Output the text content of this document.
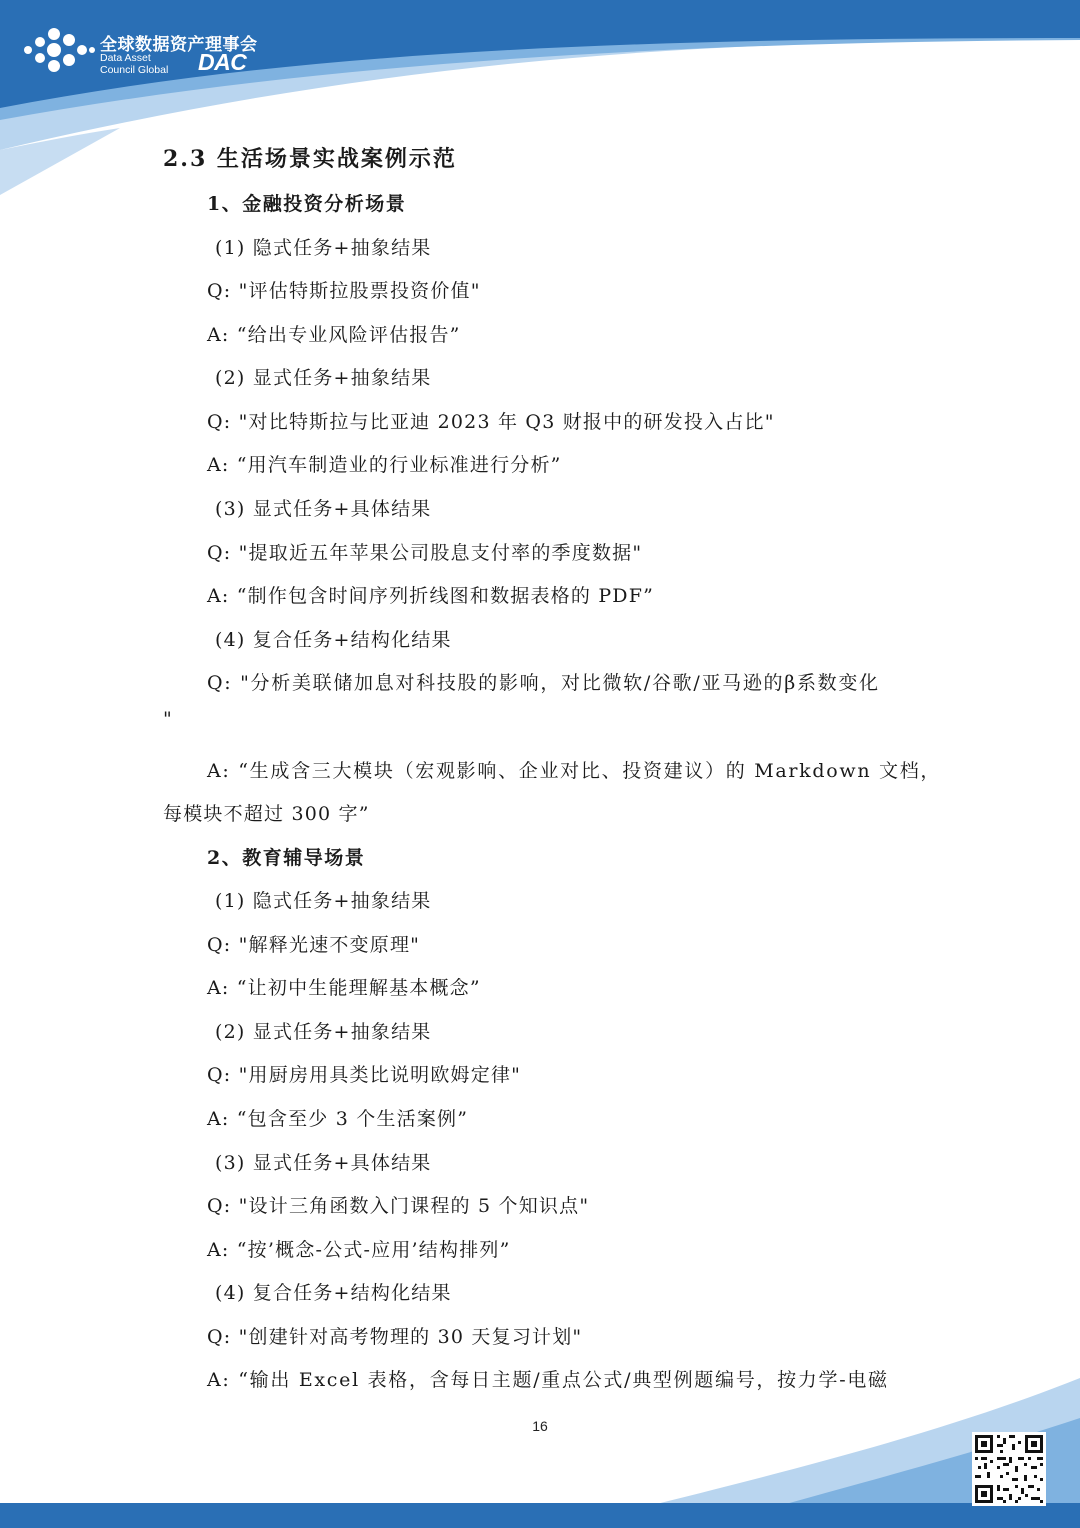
全球数据资产理事会
Data Asset
Council Global	DAC
2.3 生活场景实战案例示范
1、金融投资分析场景
(1) 隐式任务+抽象结果
Q: "评估特斯拉股票投资价值"
A: “给出专业风险评估报告”
(2) 显式任务+抽象结果
Q: "对比特斯拉与比亚迪 2023 年 Q3 财报中的研发投入占比"
A: “用汽车制造业的行业标准进行分析”
(3) 显式任务+具体结果
Q: "提取近五年苹果公司股息支付率的季度数据"
A: “制作包含时间序列折线图和数据表格的 PDF”
(4) 复合任务+结构化结果
Q: "分析美联储加息对科技股的影响，对比微软/谷歌/亚马逊的β系数变化
"
A: “生成含三大模块（宏观影响、企业对比、投资建议）的 Markdown 文档，
每模块不超过 300 字”
2、教育辅导场景
(1) 隐式任务+抽象结果
Q: "解释光速不变原理"
A: “让初中生能理解基本概念”
(2) 显式任务+抽象结果
Q: "用厨房用具类比说明欧姆定律"
A: “包含至少 3 个生活案例”
(3) 显式任务+具体结果
Q: "设计三角函数入门课程的 5 个知识点"
A: “按’概念-公式-应用’结构排列”
(4) 复合任务+结构化结果
Q: "创建针对高考物理的 30 天复习计划"
A: “输出 Excel 表格，含每日主题/重点公式/典型例题编号，按力学-电磁
16
